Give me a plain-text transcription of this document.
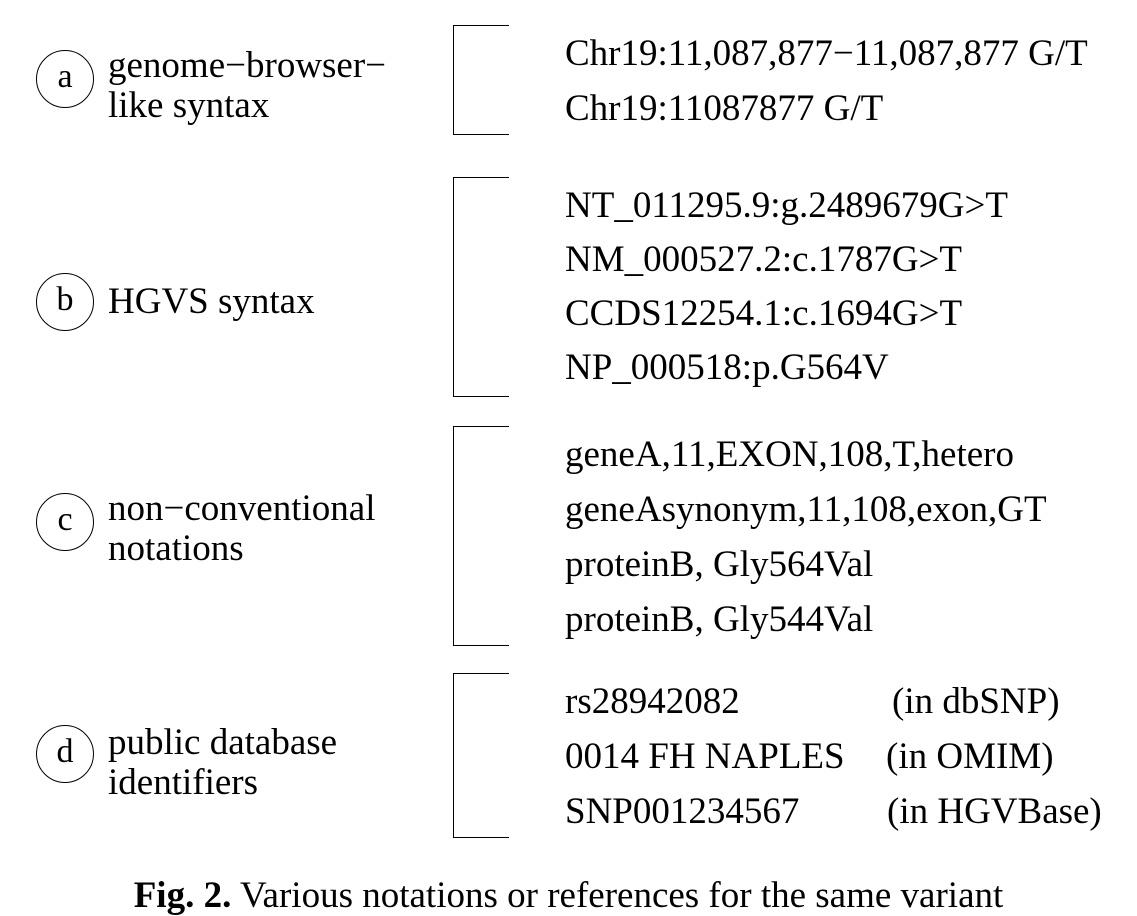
a genome−browser−
like syntax
Chr19:11,087,877−11,087,877 G/T
Chr19:11087877 G/T
b HGVS syntax
NT_011295.9:g.2489679G>T
NM_000527.2:c.1787G>T
CCDS12254.1:c.1694G>T
NP_000518:p.G564V
c non−conventional
notations
geneA,11,EXON,108,T,hetero
geneAsynonym,11,108,exon,GT
proteinB, Gly564Val
proteinB, Gly544Val
d public database
identifiers
rs28942082	(in dbSNP)
0014 FH NAPLES (in OMIM)
SNP001234567 (in HGVBase)
Fig. 2. Various notations or references for the same variant
